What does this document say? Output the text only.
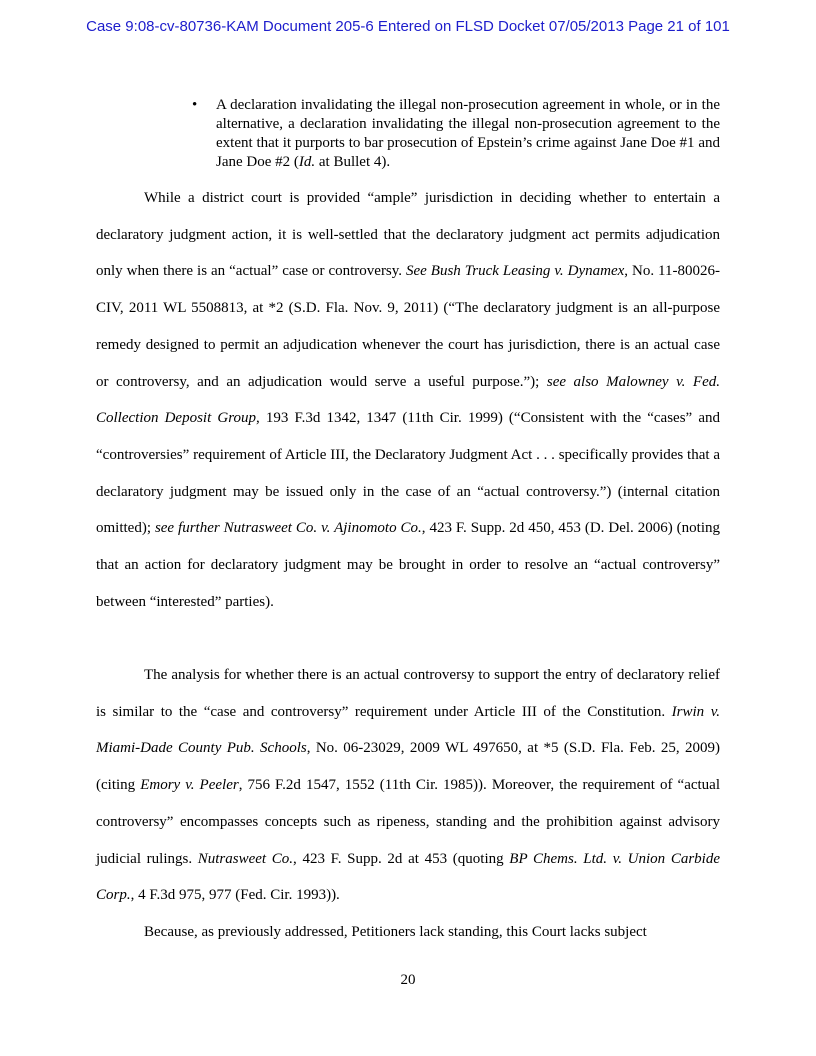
Case 9:08-cv-80736-KAM Document 205-6 Entered on FLSD Docket 07/05/2013 Page 21 of 101
• A declaration invalidating the illegal non-prosecution agreement in whole, or in the alternative, a declaration invalidating the illegal non-prosecution agreement to the extent that it purports to bar prosecution of Epstein’s crime against Jane Doe #1 and Jane Doe #2 (Id. at Bullet 4).
While a district court is provided “ample” jurisdiction in deciding whether to entertain a declaratory judgment action, it is well-settled that the declaratory judgment act permits adjudication only when there is an “actual” case or controversy. See Bush Truck Leasing v. Dynamex, No. 11-80026-CIV, 2011 WL 5508813, at *2 (S.D. Fla. Nov. 9, 2011) (“The declaratory judgment is an all-purpose remedy designed to permit an adjudication whenever the court has jurisdiction, there is an actual case or controversy, and an adjudication would serve a useful purpose.”); see also Malowney v. Fed. Collection Deposit Group, 193 F.3d 1342, 1347 (11th Cir. 1999) (“Consistent with the “cases” and “controversies” requirement of Article III, the Declaratory Judgment Act . . . specifically provides that a declaratory judgment may be issued only in the case of an “actual controversy.”) (internal citation omitted); see further Nutrasweet Co. v. Ajinomoto Co., 423 F. Supp. 2d 450, 453 (D. Del. 2006) (noting that an action for declaratory judgment may be brought in order to resolve an “actual controversy” between “interested” parties).
The analysis for whether there is an actual controversy to support the entry of declaratory relief is similar to the “case and controversy” requirement under Article III of the Constitution. Irwin v. Miami-Dade County Pub. Schools, No. 06-23029, 2009 WL 497650, at *5 (S.D. Fla. Feb. 25, 2009) (citing Emory v. Peeler, 756 F.2d 1547, 1552 (11th Cir. 1985)). Moreover, the requirement of “actual controversy” encompasses concepts such as ripeness, standing and the prohibition against advisory judicial rulings. Nutrasweet Co., 423 F. Supp. 2d at 453 (quoting BP Chems. Ltd. v. Union Carbide Corp., 4 F.3d 975, 977 (Fed. Cir. 1993)).
Because, as previously addressed, Petitioners lack standing, this Court lacks subject
20
